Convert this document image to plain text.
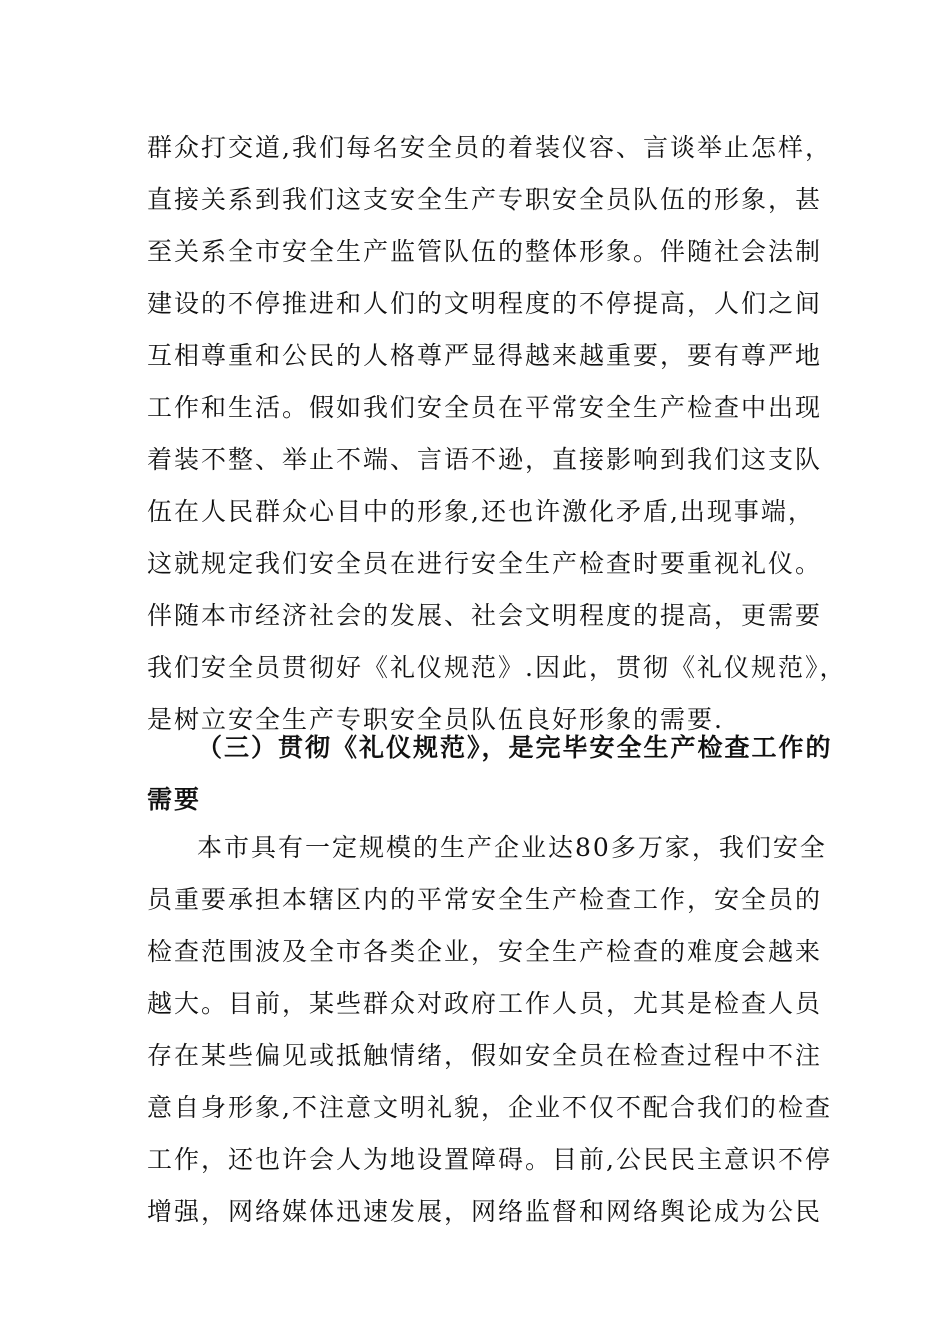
群众打交道,我们每名安全员的着装仪容、言谈举止怎样，
直接关系到我们这支安全生产专职安全员队伍的形象，甚
至关系全市安全生产监管队伍的整体形象。伴随社会法制
建设的不停推进和人们的文明程度的不停提高，人们之间
互相尊重和公民的人格尊严显得越来越重要，要有尊严地
工作和生活。假如我们安全员在平常安全生产检查中出现
着装不整、举止不端、言语不逊，直接影响到我们这支队
伍在人民群众心目中的形象,还也许激化矛盾,出现事端，
这就规定我们安全员在进行安全生产检查时要重视礼仪。
伴随本市经济社会的发展、社会文明程度的提高，更需要
我们安全员贯彻好《礼仪规范》.因此，贯彻《礼仪规范》，
是树立安全生产专职安全员队伍良好形象的需要.
（三）贯彻《礼仪规范》，是完毕安全生产检查工作的
需要
本市具有一定规模的生产企业达80多万家，我们安全
员重要承担本辖区内的平常安全生产检查工作，安全员的
检查范围波及全市各类企业，安全生产检查的难度会越来
越大。目前，某些群众对政府工作人员，尤其是检查人员
存在某些偏见或抵触情绪，假如安全员在检查过程中不注
意自身形象,不注意文明礼貌，企业不仅不配合我们的检查
工作，还也许会人为地设置障碍。目前,公民民主意识不停
增强，网络媒体迅速发展，网络监督和网络舆论成为公民
